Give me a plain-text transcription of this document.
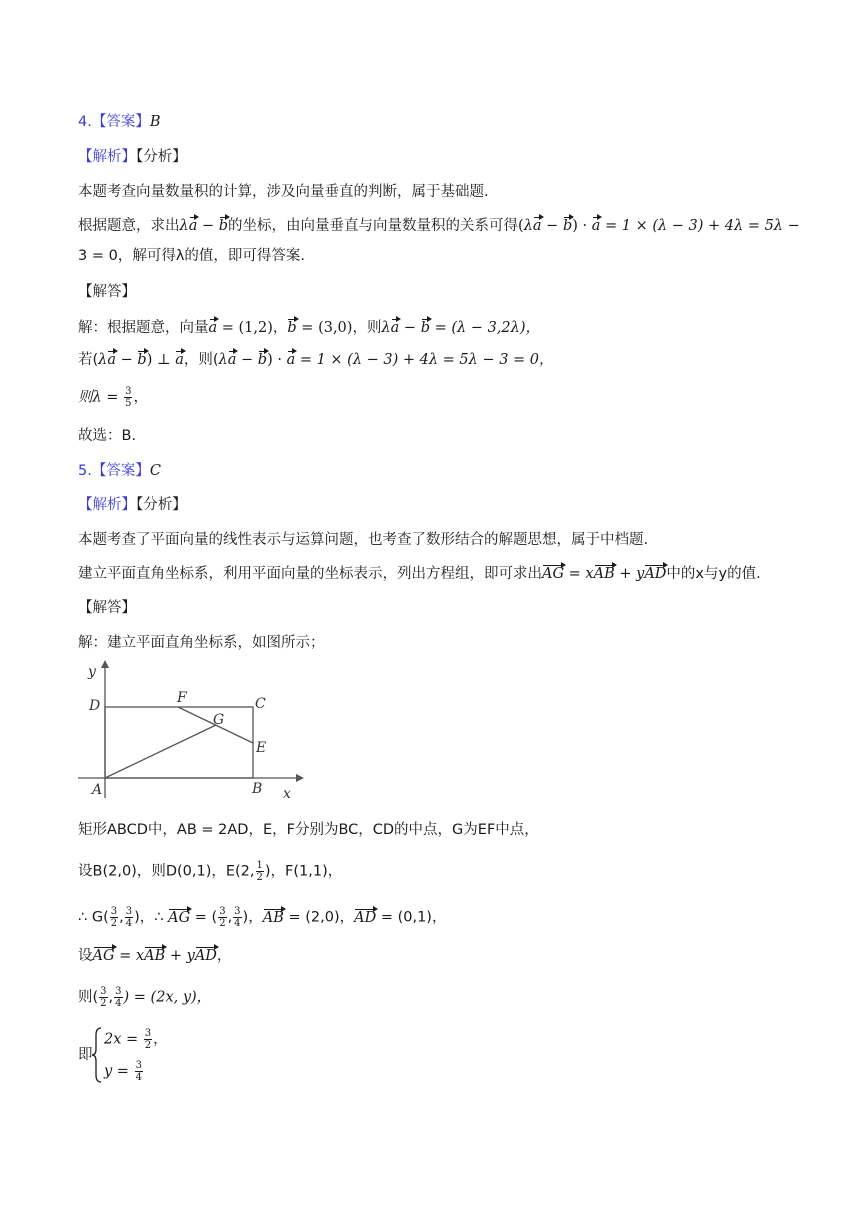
4.【答案】B
【解析】【分析】
本题考查向量数量积的计算，涉及向量垂直的判断，属于基础题.
根据题意，求出λa − b的坐标，由向量垂直与向量数量积的关系可得(λa − b) · a = 1 × (λ − 3) + 4λ = 5λ −
3 = 0，解可得λ的值，即可得答案.
【解答】
解：根据题意，向量a = (1,2)，b = (3,0)，则λa − b = (λ − 3,2λ)，
若(λa − b) ⊥ a，则(λa − b) · a = 1 × (λ − 3) + 4λ = 5λ − 3 = 0，
则$\lambda = \frac{3}{5}$ ，
故选：B.
5.【答案】C
【解析】【分析】
本题考查了平面向量的线性表示与运算问题，也考查了数形结合的解题思想，属于中档题.
建立平面直角坐标系，利用平面向量的坐标表示，列出方程组，即可求出AG = xAB + yAD中的x与y的值.
【解答】
解：建立平面直角坐标系，如图所示；
y
D	F	C
G
E
A	B x
矩形ABCD中，AB = 2AD，E，F分别为BC，CD的中点，G为EF中点，
设B(2,0)，则D(0,1)，E(2, $\frac{1}{2}$ )，F(1,1)，
∴ $G( \frac{3}{2}$ , $\frac{3}{4}$ )，∴ AG = ( $\frac{3}{2}$ , $\frac{3}{4}$ )，AB = (2,0)，AD = (0,1)，
设AG = xAB + yAD，
则( $\frac{3}{2}$ , $\frac{3}{4}$ ) = (2x, y)，
即
$2x = \frac{3}{2}$ ，
$y = \frac{3}{4}$
